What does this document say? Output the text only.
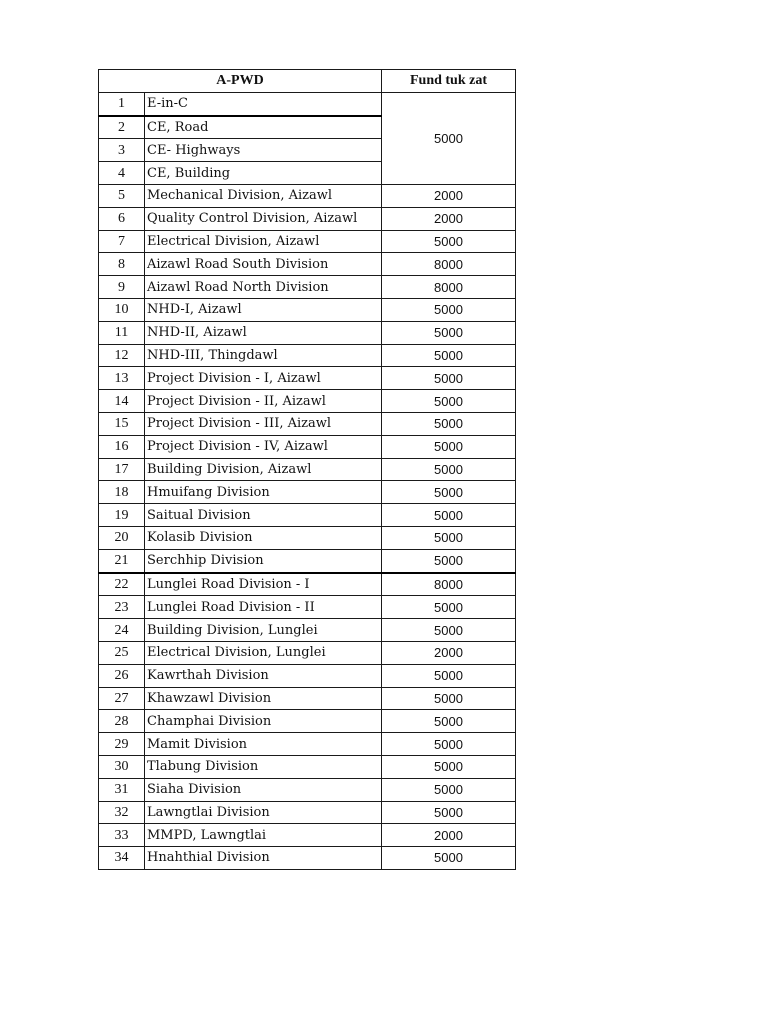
A-PWD		Fund tuk zat
1	E-in-C	5000
2	CE, Road	
3	CE- Highways	
4	CE, Building	
5	Mechanical Division, Aizawl	2000
6	Quality Control Division, Aizawl	2000
7	Electrical Division, Aizawl	5000
8	Aizawl Road South Division	8000
9	Aizawl Road North Division	8000
10	NHD-I, Aizawl	5000
11	NHD-II, Aizawl	5000
12	NHD-III, Thingdawl	5000
13	Project Division - I, Aizawl	5000
14	Project Division - II, Aizawl	5000
15	Project Division - III, Aizawl	5000
16	Project Division - IV, Aizawl	5000
17	Building Division, Aizawl	5000
18	Hmuifang Division	5000
19	Saitual Division	5000
20	Kolasib Division	5000
21	Serchhip Division	5000
22	Lunglei Road Division - I	8000
23	Lunglei Road Division - II	5000
24	Building Division, Lunglei	5000
25	Electrical Division, Lunglei	2000
26	Kawrthah Division	5000
27	Khawzawl Division	5000
28	Champhai Division	5000
29	Mamit Division	5000
30	Tlabung Division	5000
31	Siaha Division	5000
32	Lawngtlai Division	5000
33	MMPD, Lawngtlai	2000
34	Hnahthial Division	5000
